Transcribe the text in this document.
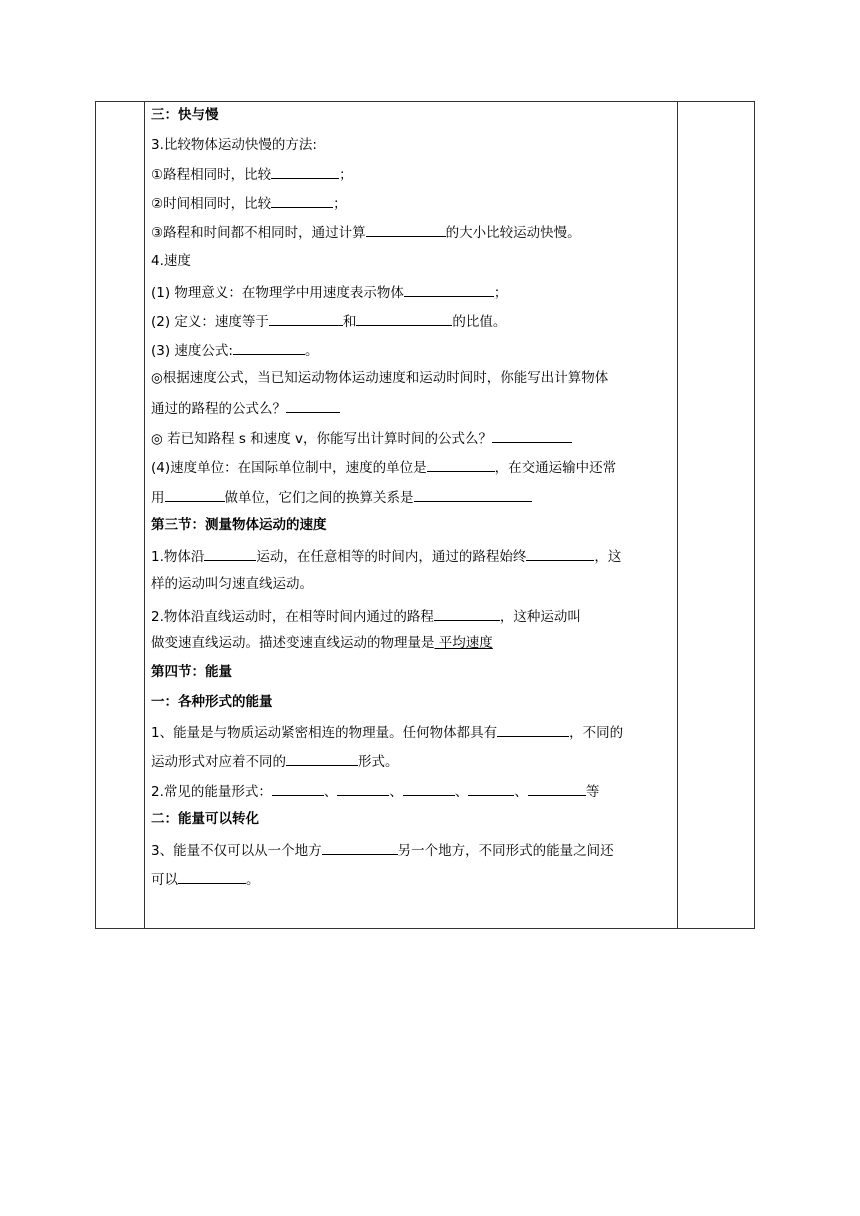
三：快与慢
3.比较物体运动快慢的方法:
①路程相同时，比较	；
②时间相同时，比较	；
③路程和时间都不相同时，通过计算	的大小比较运动快慢。
4.速度
(1) 物理意义：在物理学中用速度表示物体	；
(2) 定义：速度等于	和	的比值。
(3) 速度公式:	。
◎根据速度公式，当已知运动物体运动速度和运动时间时，你能写出计算物体
通过的路程的公式么？
◎ 若已知路程 s 和速度 v，你能写出计算时间的公式么？
(4)速度单位：在国际单位制中，速度的单位是	，在交通运输中还常
用	做单位，它们之间的换算关系是
第三节：测量物体运动的速度
1.物体沿	运动，在任意相等的时间内，通过的路程始终	，这
样的运动叫匀速直线运动。
2.物体沿直线运动时，在相等时间内通过的路程	，这种运动叫
做变速直线运动。描述变速直线运动的物理量是 平均速度
第四节：能量
一：各种形式的能量
1、能量是与物质运动紧密相连的物理量。任何物体都具有	，不同的
运动形式对应着不同的	形式。
2.常见的能量形式：	、	、	、	、	等
二：能量可以转化
3、能量不仅可以从一个地方	另一个地方，不同形式的能量之间还
可以	。
